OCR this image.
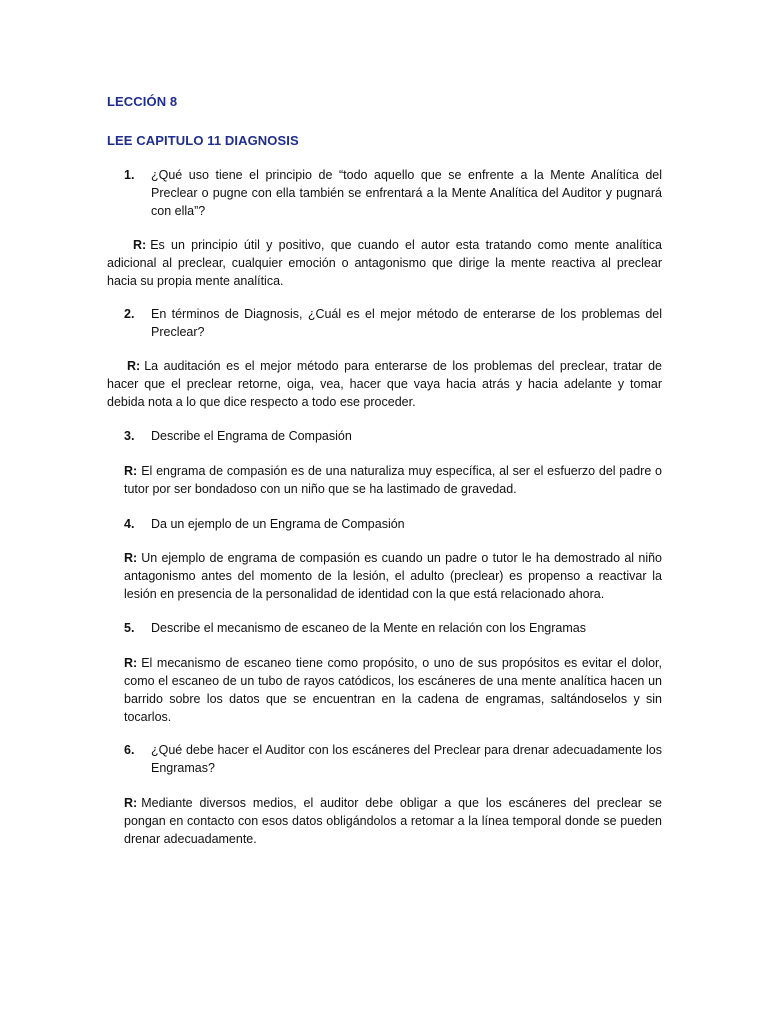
LECCIÓN 8
LEE CAPITULO 11 DIAGNOSIS
1.	¿Qué uso tiene el principio de “todo aquello que se enfrente a la Mente Analítica del Preclear o pugne con ella también se enfrentará a la Mente Analítica del Auditor y pugnará con ella”?
R: Es un principio útil y positivo, que cuando el autor esta tratando como mente analítica adicional al preclear, cualquier emoción o antagonismo que dirige la mente reactiva al preclear hacia su propia mente analítica.
2.	En términos de Diagnosis, ¿Cuál es el mejor método de enterarse de los problemas del Preclear?
R: La auditación es el mejor método para enterarse de los problemas del preclear, tratar de hacer que el preclear retorne, oiga, vea, hacer que vaya hacia atrás y hacia adelante y tomar debida nota a lo que dice respecto a todo ese proceder.
3.	Describe el Engrama de Compasión
R: El engrama de compasión es de una naturaliza muy específica, al ser el esfuerzo del padre o tutor por ser bondadoso con un niño que se ha lastimado de gravedad.
4.	Da un ejemplo de un Engrama de Compasión
R: Un ejemplo de engrama de compasión es cuando un padre o tutor le ha demostrado al niño antagonismo antes del momento de la lesión, el adulto (preclear) es propenso a reactivar la lesión en presencia de la personalidad de identidad con la que está relacionado ahora.
5.	Describe el mecanismo de escaneo de la Mente en relación con los Engramas
R: El mecanismo de escaneo tiene como propósito, o uno de sus propósitos es evitar el dolor, como el escaneo de un tubo de rayos catódicos, los escáneres de una mente analítica hacen un barrido sobre los datos que se encuentran en la cadena de engramas, saltándoselos y sin tocarlos.
6.	¿Qué debe hacer el Auditor con los escáneres del Preclear para drenar adecuadamente los Engramas?
R: Mediante diversos medios, el auditor debe obligar a que los escáneres del preclear se pongan en contacto con esos datos obligándolos a retomar a la línea temporal donde se pueden drenar adecuadamente.
